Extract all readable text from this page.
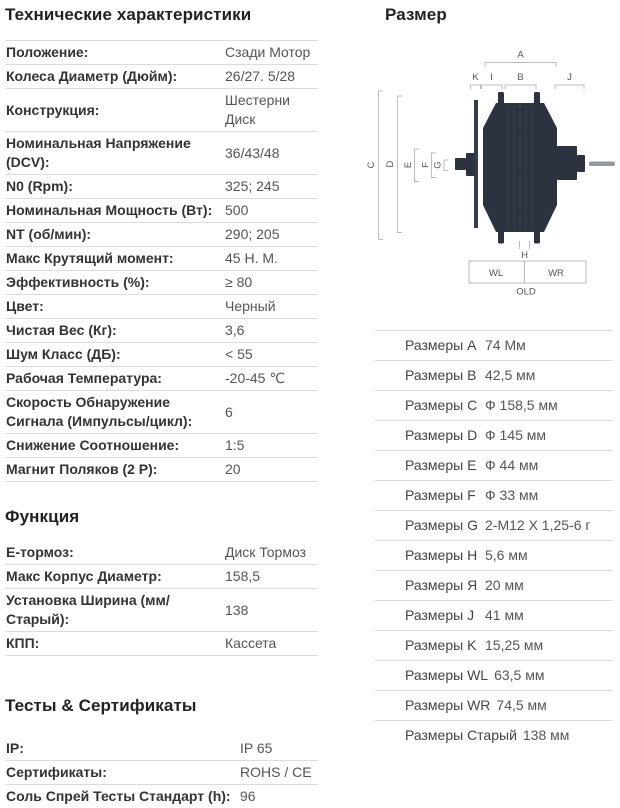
Технические характеристики
Положение:	Сзади Мотор
Колеса Диаметр (Дюйм):	26/27. 5/28
Конструкция:
Шестерни Диск
Номинальная Напряжение (DCV):
36/43/48
N0 (Rpm):	325; 245
Номинальная Мощность (Вт): 500
NT (об/мин):	290; 205
Макс Крутящий момент:	45 Н. М.
Эффективность (%):	≥ 80
Цвет:	Черный
Чистая Вес (Кг):	3,6
Шум Класс (ДБ):	< 55
Рабочая Температура:	-20-45 ℃
Скорость Обнаружение Сигнала (Импульсы/цикл):
6
Снижение Соотношение:	1:5
Магнит Поляков (2 P):	20
Функция
Е-тормоз:	Диск Тормоз
Макс Корпус Диаметр:	158,5
Установка Ширина (мм/ Старый):
138
КПП:	Кассета
Тесты & Сертификаты
IP:	IP 65
Сертификаты:	ROHS / CE
Соль Спрей Тесты Стандарт (h): 96
Размер
A
K I	B	J
C D E F G
H
WL	WR
OLD
Размеры A 74 Мм
Размеры B 42,5 мм
Размеры C Ф 158,5 мм
Размеры D Ф 145 мм
Размеры E Ф 44 мм
Размеры F Ф 33 мм
Размеры G 2-M12 X 1,25-6 г
Размеры H 5,6 мм
Размеры Я 20 мм
Размеры J 41 мм
Размеры K 15,25 мм
Размеры WL 63,5 мм
Размеры WR 74,5 мм
Размеры Старый 138 мм
